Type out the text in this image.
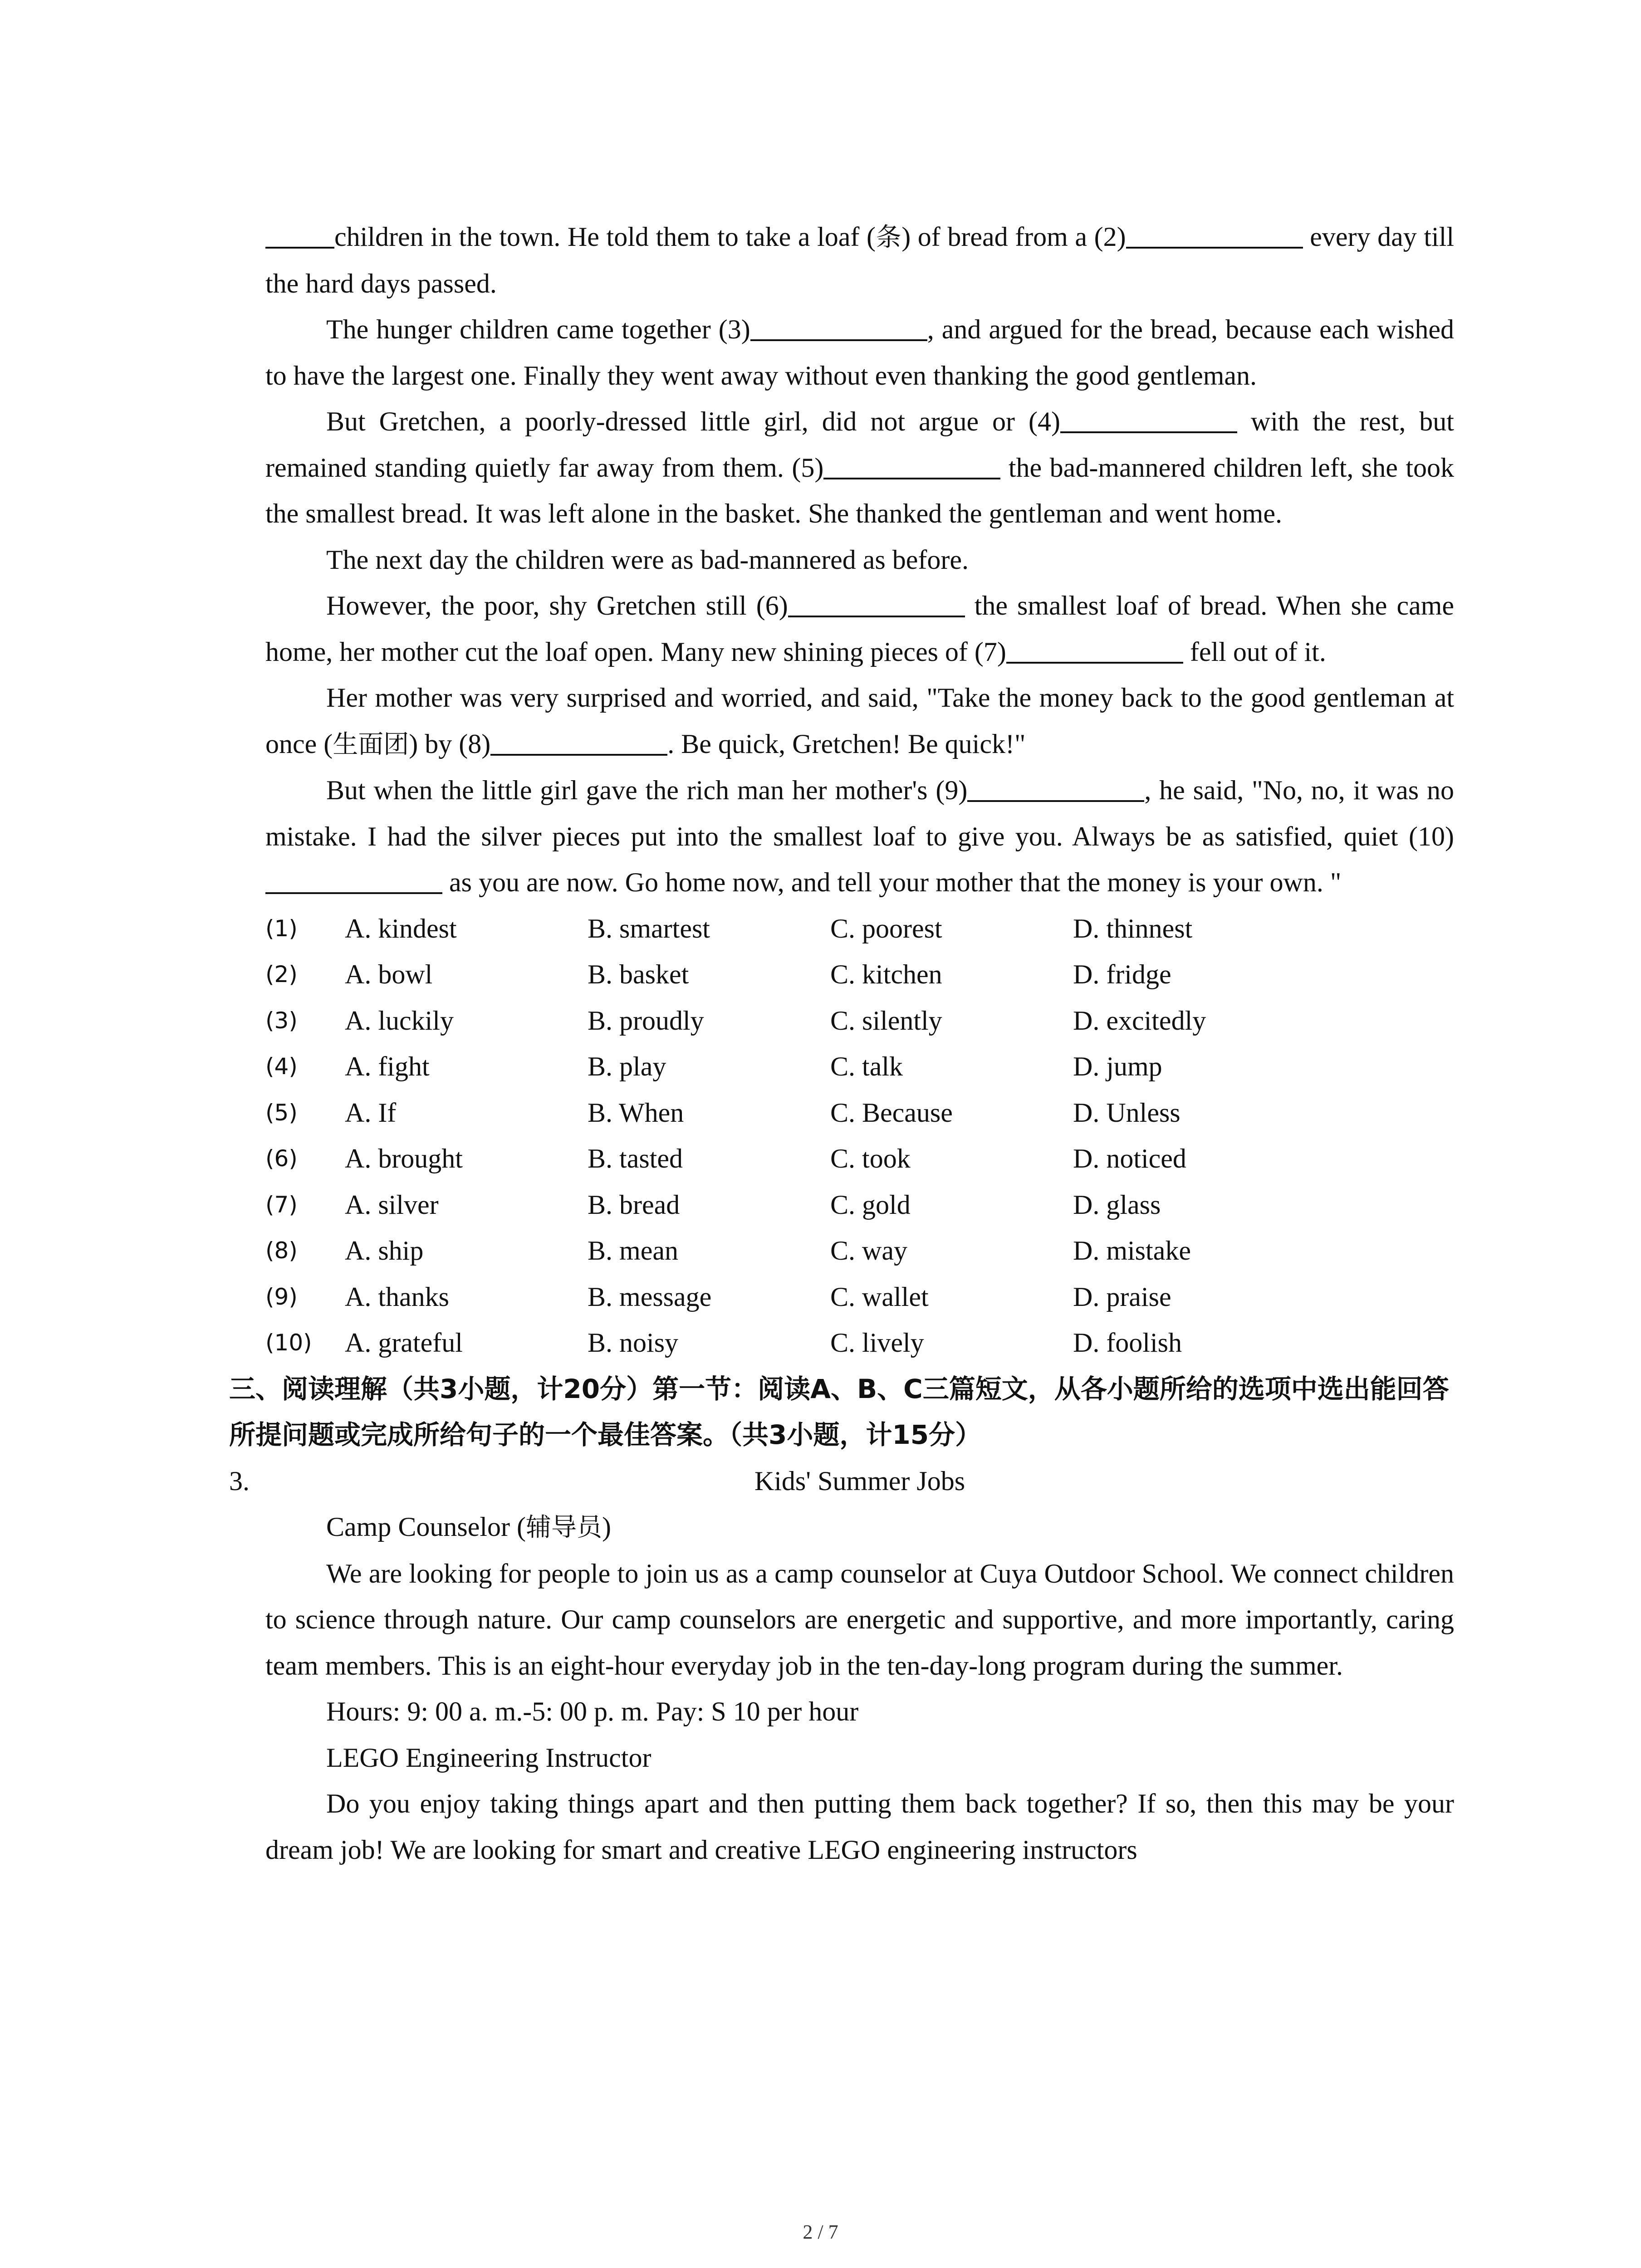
children in the town. He told them to take a loaf (条) of bread from a (2)	every day till the hard days passed.

The hunger children came together (3)	, and argued for the bread, because each wished to have the largest one. Finally they went away without even thanking the good gentleman.

But Gretchen, a poorly-dressed little girl, did not argue or (4)	with the rest, but remained standing quietly far away from them. (5)	the bad-mannered children left, she took the smallest bread. It was left alone in the basket. She thanked the gentleman and went home.

The next day the children were as bad-mannered as before.

However, the poor, shy Gretchen still (6)	the smallest loaf of bread. When she came home, her mother cut the loaf open. Many new shining pieces of (7)	fell out of it.

Her mother was very surprised and worried, and said, "Take the money back to the good gentleman at once (生面团) by (8)	. Be quick, Gretchen! Be quick!"

But when the little girl gave the rich man her mother's (9)	, he said, "No, no, it was no mistake. I had the silver pieces put into the smallest loaf to give you. Always be as satisfied, quiet (10) as you are now. Go home now, and tell your mother that the money is your own. "

(1) A. kindest	B. smartest	C. poorest	D. thinnest
(2) A. bowl	B. basket	C. kitchen	D. fridge
(3) A. luckily	B. proudly	C. silently	D. excitedly
(4) A. fight	B. play	C. talk	D. jump
(5) A. If	B. When	C. Because	D. Unless
(6) A. brought	B. tasted	C. took	D. noticed
(7) A. silver	B. bread	C. gold	D. glass
(8) A. ship	B. mean	C. way	D. mistake
(9) A. thanks	B. message	C. wallet	D. praise
(10) A. grateful	B. noisy	C. lively	D. foolish

三、阅读理解（共3小题，计20分）第一节：阅读A、B、C三篇短文，从各小题所给的选项中选出能回答所提问题或完成所给句子的一个最佳答案。（共3小题，计15分）

3.	Kids' Summer Jobs

Camp Counselor (辅导员)

We are looking for people to join us as a camp counselor at Cuya Outdoor School. We connect children to science through nature. Our camp counselors are energetic and supportive, and more importantly, caring team members. This is an eight-hour everyday job in the ten-day-long program during the summer.

Hours: 9: 00 a. m.-5: 00 p. m. Pay: S 10 per hour

LEGO Engineering Instructor

Do you enjoy taking things apart and then putting them back together? If so, then this may be your dream job! We are looking for smart and creative LEGO engineering instructors

2 / 7
